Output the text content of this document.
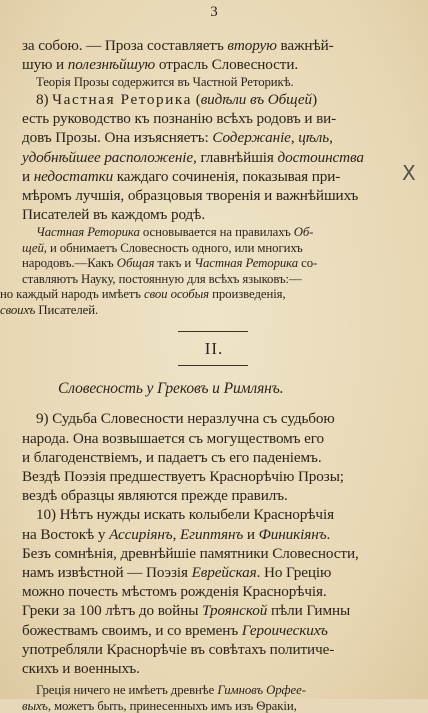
3
X
за собою. — Проза составляетъ вторую важнѣй-
шую и полезнѣйшую отрасль Словесности.
Теорія Прозы содержится въ Частной Реторикѣ.
8) Частная Реторика (видѣли въ Общей)
есть руководство къ познанію всѣхъ родовъ и ви-
довъ Прозы. Она изъясняетъ: Содержаніе, цѣль,
удобнѣйшее расположеніе, главнѣйшія достоинства
и недостатки каждаго сочиненія, показывая при-
мѣромъ лучшія, образцовыя творенія и важнѣйшихъ
Писателей въ каждомъ родѣ.
Частная Реторика основывается на правилахъ Об-
щей, и обнимаетъ Словесность одного, или многихъ
народовъ.—Какъ Общая такъ и Частная Реторика со-
ставляютъ Науку, постоянную для всѣхъ языковъ:—
II.
Словесность у Грековъ и Римлянъ.
9) Судьба Словесности неразлучна съ судьбою
народа. Она возвышается съ могуществомъ его
и благоденствіемъ, и падаетъ съ его паденіемъ.
Вездѣ Поэзія предшествуетъ Краснорѣчію Прозы;
вездѣ образцы являются прежде правилъ.
10) Нѣтъ нужды искать колыбели Краснорѣчія
на Востокѣ у Ассиріянъ, Египтянъ и Финикіянъ.
Безъ сомнѣнія, древнѣйшіе памятники Словесности,
намъ извѣстной — Поэзія Еврейская. Но Грецію
можно почесть мѣстомъ рожденія Краснорѣчія.
Греки за 100 лѣтъ до войны Троянской пѣли Гимны
божествамъ своимъ, и со временъ Героическихъ
но каждый народъ имѣетъ свои особыя произведенія,
своихъ Писателей.
употребляли Краснорѣчіе въ совѣтахъ политиче-
скихъ и военныхъ.
Греція ничего не имѣетъ древнѣе Гимновъ Орфее-
выхъ, можетъ быть, принесенныхъ имъ изъ Ѳракіи,
